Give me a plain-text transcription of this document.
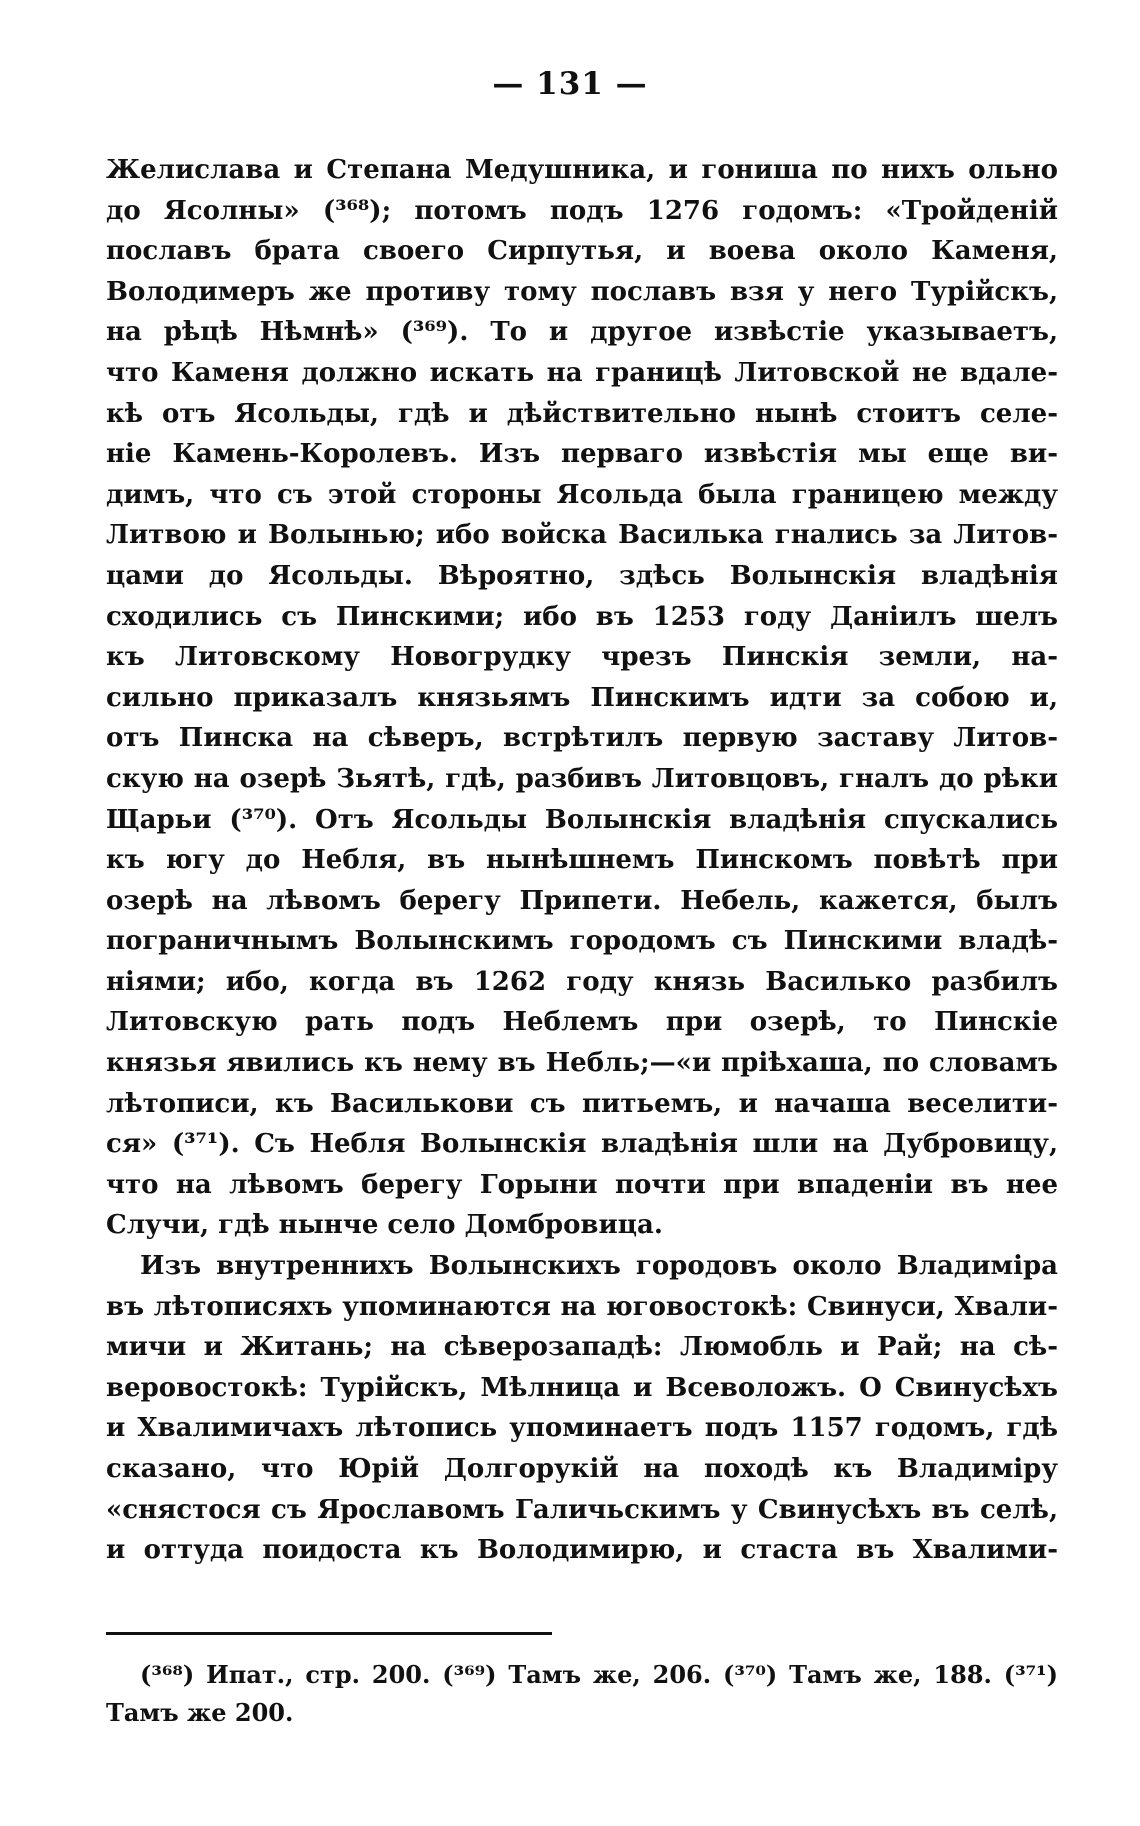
— 131 —
Желислава и Степана Медушника, и гониша по нихъ ольно
до Ясолны» (³⁶⁸); потомъ подъ 1276 годомъ: «Тройденій
пославъ брата своего Сирпутья, и воева около Каменя,
Володимеръ же противу тому пославъ взя у него Турійскъ,
на рѣцѣ Нѣмнѣ» (³⁶⁹). То и другое извѣстіе указываетъ,
что Каменя должно искать на границѣ Литовской не вдале-
кѣ отъ Ясольды, гдѣ и дѣйствительно нынѣ стоитъ селе-
ніе Камень-Королевъ. Изъ перваго извѣстія мы еще ви-
димъ, что съ этой стороны Ясольда была границею между
Литвою и Волынью; ибо войска Василька гнались за Литов-
цами до Ясольды. Вѣроятно, здѣсь Волынскія владѣнія
сходились съ Пинскими; ибо въ 1253 году Даніилъ шелъ
къ Литовскому Новогрудку чрезъ Пинскія земли, на-
сильно приказалъ князьямъ Пинскимъ идти за собою и,
отъ Пинска на сѣверъ, встрѣтилъ первую заставу Литов-
скую на озерѣ Зьятѣ, гдѣ, разбивъ Литовцовъ, гналъ до рѣки
Щарьи (³⁷⁰). Отъ Ясольды Волынскія владѣнія спускались
къ югу до Небля, въ нынѣшнемъ Пинскомъ повѣтѣ при
озерѣ на лѣвомъ берегу Припети. Небель, кажется, былъ
пограничнымъ Волынскимъ городомъ съ Пинскими владѣ-
ніями; ибо, когда въ 1262 году князь Василько разбилъ
Литовскую рать подъ Неблемъ при озерѣ, то Пинскіе
князья явились къ нему въ Небль;—«и пріѣхаша, по словамъ
лѣтописи, къ Василькови съ питьемъ, и начаша веселити-
ся» (³⁷¹). Съ Небля Волынскія владѣнія шли на Дубровицу,
что на лѣвомъ берегу Горыни почти при впаденіи въ нее
Случи, гдѣ нынче село Домбровица.
Изъ внутреннихъ Волынскихъ городовъ около Владиміра
въ лѣтописяхъ упоминаются на юговостокѣ: Свинуси, Хвали-
мичи и Житань; на сѣверозападѣ: Люмобль и Рай; на сѣ-
веровостокѣ: Турійскъ, Мѣлница и Всеволожъ. О Свинусѣхъ
и Хвалимичахъ лѣтопись упоминаетъ подъ 1157 годомъ, гдѣ
сказано, что Юрій Долгорукій на походѣ къ Владиміру
«снястося съ Ярославомъ Галичьскимъ у Свинусѣхъ въ селѣ,
и оттуда поидоста къ Володимирю, и стаста въ Хвалими-
(³⁶⁸) Ипат., стр. 200. (³⁶⁹) Тамъ же, 206. (³⁷⁰) Тамъ же, 188. (³⁷¹)
Тамъ же 200.
